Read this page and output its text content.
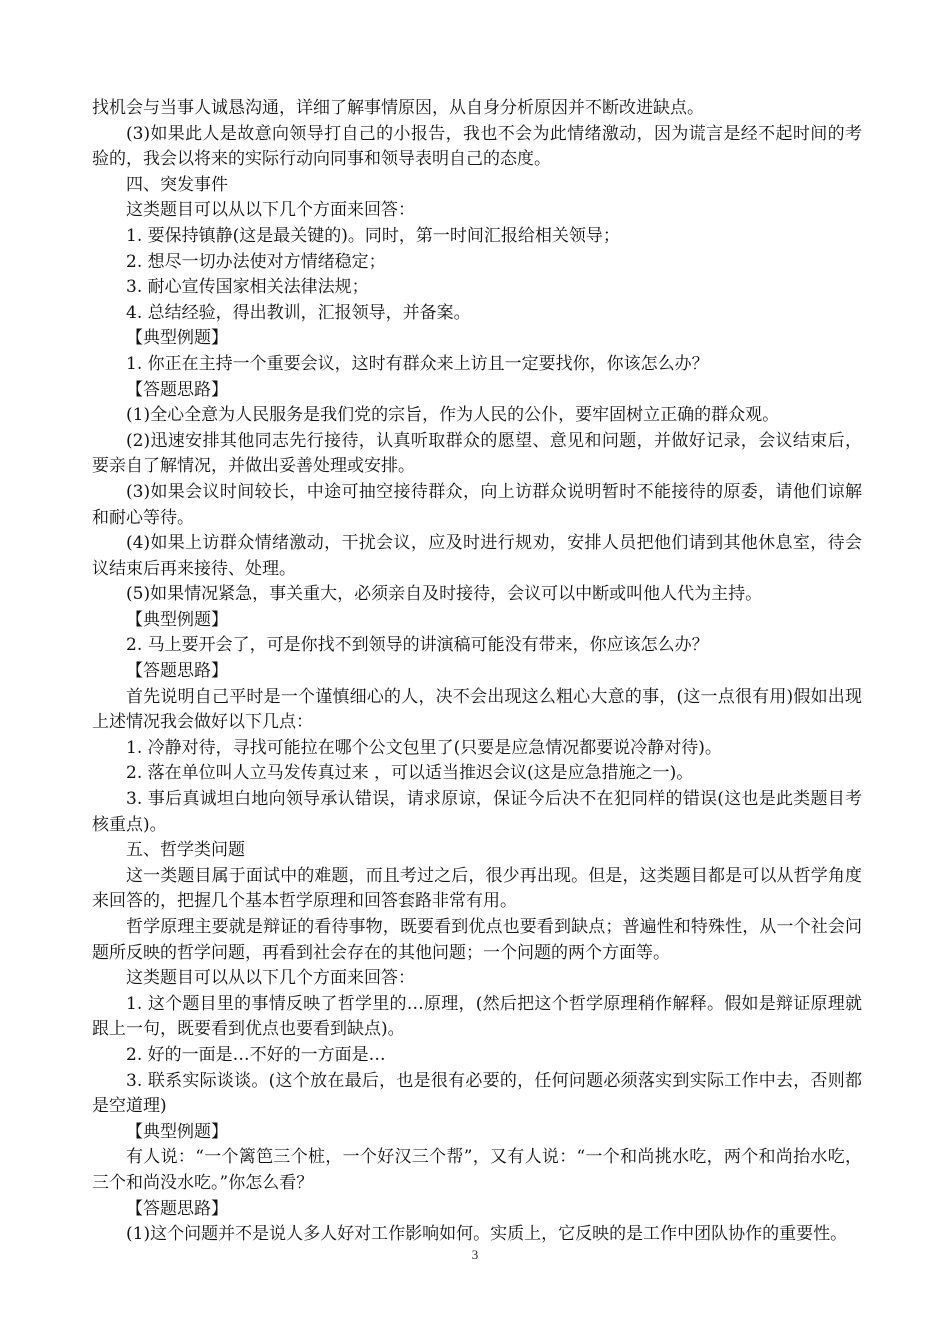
找机会与当事人诚恳沟通，详细了解事情原因，从自身分析原因并不断改进缺点。

(3)如果此人是故意向领导打自己的小报告，我也不会为此情绪激动，因为谎言是经不起时间的考验的，我会以将来的实际行动向同事和领导表明自己的态度。

四、突发事件

这类题目可以从以下几个方面来回答：

1. 要保持镇静(这是最关键的)。同时，第一时间汇报给相关领导；

2. 想尽一切办法使对方情绪稳定；

3. 耐心宣传国家相关法律法规；

4. 总结经验，得出教训，汇报领导，并备案。

【典型例题】

1. 你正在主持一个重要会议，这时有群众来上访且一定要找你，你该怎么办？

【答题思路】

(1)全心全意为人民服务是我们党的宗旨，作为人民的公仆，要牢固树立正确的群众观。

(2)迅速安排其他同志先行接待，认真听取群众的愿望、意见和问题，并做好记录，会议结束后，要亲自了解情况，并做出妥善处理或安排。

(3)如果会议时间较长，中途可抽空接待群众，向上访群众说明暂时不能接待的原委，请他们谅解和耐心等待。

(4)如果上访群众情绪激动，干扰会议，应及时进行规劝，安排人员把他们请到其他休息室，待会议结束后再来接待、处理。

(5)如果情况紧急，事关重大，必须亲自及时接待，会议可以中断或叫他人代为主持。

【典型例题】

2. 马上要开会了，可是你找不到领导的讲演稿可能没有带来，你应该怎么办？

【答题思路】

首先说明自己平时是一个谨慎细心的人，决不会出现这么粗心大意的事，(这一点很有用)假如出现上述情况我会做好以下几点：

1. 冷静对待，寻找可能拉在哪个公文包里了(只要是应急情况都要说冷静对待)。

2. 落在单位叫人立马发传真过来 ，可以适当推迟会议(这是应急措施之一)。

3. 事后真诚坦白地向领导承认错误，请求原谅，保证今后决不在犯同样的错误(这也是此类题目考核重点)。

五、哲学类问题

这一类题目属于面试中的难题，而且考过之后，很少再出现。但是，这类题目都是可以从哲学角度来回答的，把握几个基本哲学原理和回答套路非常有用。

哲学原理主要就是辩证的看待事物，既要看到优点也要看到缺点；普遍性和特殊性，从一个社会问题所反映的哲学问题，再看到社会存在的其他问题；一个问题的两个方面等。

这类题目可以从以下几个方面来回答：

1. 这个题目里的事情反映了哲学里的…原理，(然后把这个哲学原理稍作解释。假如是辩证原理就跟上一句，既要看到优点也要看到缺点)。

2. 好的一面是…不好的一方面是…

3. 联系实际谈谈。(这个放在最后，也是很有必要的，任何问题必须落实到实际工作中去，否则都是空道理)

【典型例题】

有人说：“一个篱笆三个桩，一个好汉三个帮”，又有人说：“一个和尚挑水吃，两个和尚抬水吃，三个和尚没水吃。”你怎么看？

【答题思路】

(1)这个问题并不是说人多人好对工作影响如何。实质上，它反映的是工作中团队协作的重要性。

3
